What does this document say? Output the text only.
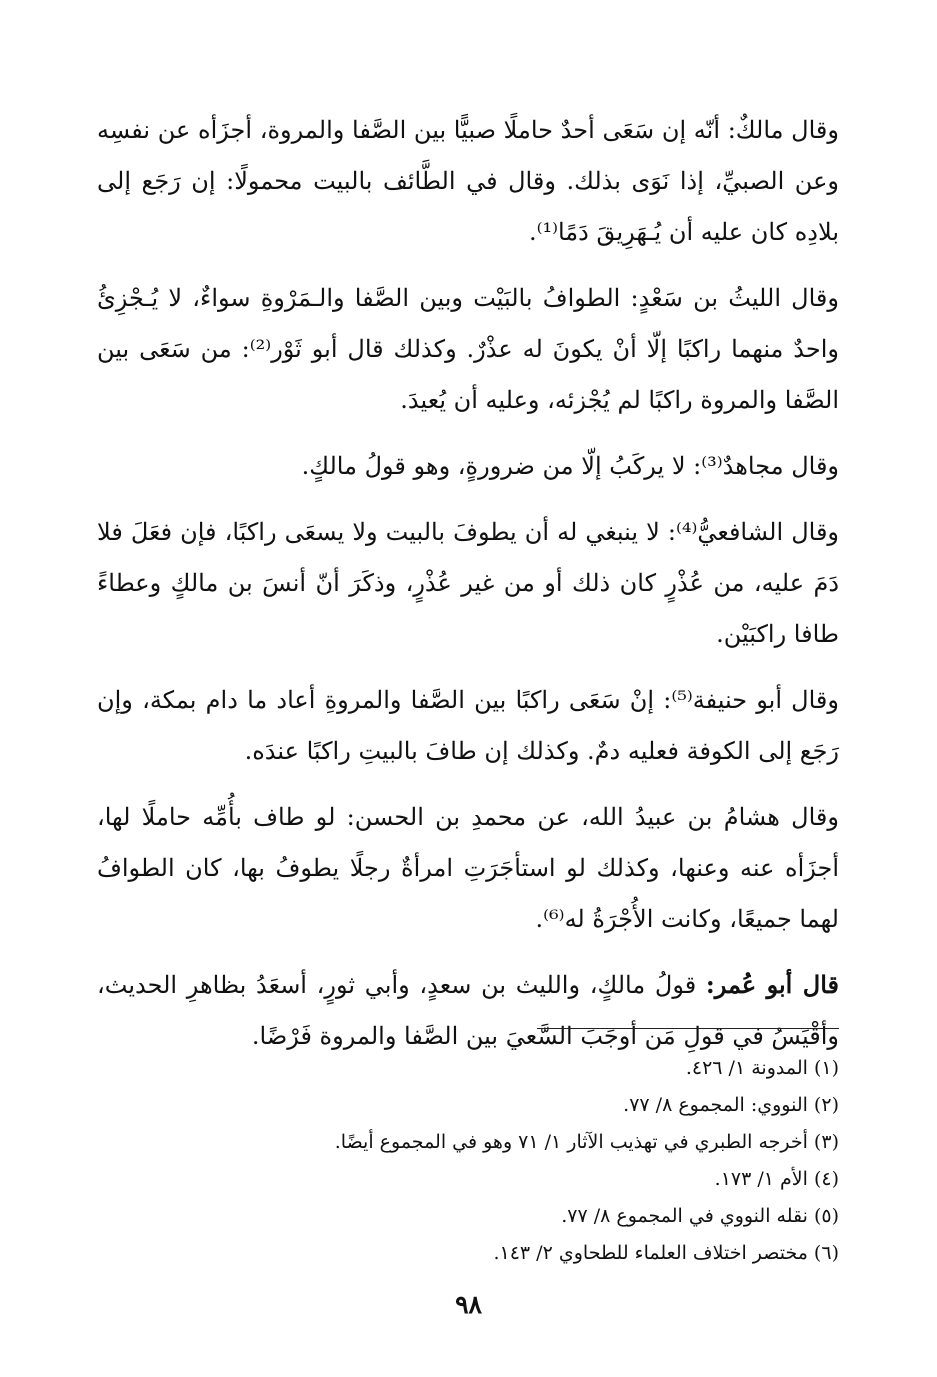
وقال مالكٌ: أنّه إن سَعَى أحدٌ حاملًا صبيًّا بين الصَّفا والمروة، أجزَأه عن نفسِه وعن الصبيِّ، إذا نَوَى بذلك. وقال في الطَّائف بالبيت محمولًا: إن رَجَع إلى بلادِه كان عليه أن يُـهَرِيقَ دَمًا⁽¹⁾.

وقال الليثُ بن سَعْدٍ: الطوافُ بالبَيْت وبين الصَّفا والـمَرْوةِ سواءٌ، لا يُـجْزِئُ واحدٌ منهما راكبًا إلّا أنْ يكونَ له عذْرٌ. وكذلك قال أبو ثَوْر⁽²⁾: من سَعَى بين الصَّفا والمروة راكبًا لم يُجْزئه، وعليه أن يُعيدَ.

وقال مجاهدٌ⁽³⁾: لا يركَبُ إلّا من ضرورةٍ، وهو قولُ مالكٍ.

وقال الشافعيُّ⁽⁴⁾: لا ينبغي له أن يطوفَ بالبيت ولا يسعَى راكبًا، فإن فعَلَ فلا دَمَ عليه، من عُذْرٍ كان ذلك أو من غير عُذْرٍ، وذكَرَ أنّ أنسَ بن مالكٍ وعطاءً طافا راكبَيْن.

وقال أبو حنيفة⁽⁵⁾: إنْ سَعَى راكبًا بين الصَّفا والمروةِ أعاد ما دام بمكة، وإن رَجَع إلى الكوفة فعليه دمٌ. وكذلك إن طافَ بالبيتِ راكبًا عندَه.

وقال هشامُ بن عبيدُ الله، عن محمدِ بن الحسن: لو طاف بأُمِّه حاملًا لها، أجزَأه عنه وعنها، وكذلك لو استأجَرَتِ امرأةٌ رجلًا يطوفُ بها، كان الطوافُ لهما جميعًا، وكانت الأُجْرَةُ له⁽⁶⁾.

قال أبو عُمر: قولُ مالكٍ، والليث بن سعدٍ، وأبي ثورٍ، أسعَدُ بظاهرِ الحديث، وأقْيَسُ في قولِ مَن أوجَبَ السَّعيَ بين الصَّفا والمروة فَرْضًا.

(١) المدونة ١/ ٤٢٦.
(٢) النووي: المجموع ٨/ ٧٧.
(٣) أخرجه الطبري في تهذيب الآثار ١/ ٧١ وهو في المجموع أيضًا.
(٤) الأم ١/ ١٧٣.
(٥) نقله النووي في المجموع ٨/ ٧٧.
(٦) مختصر اختلاف العلماء للطحاوي ٢/ ١٤٣.
٩٨
